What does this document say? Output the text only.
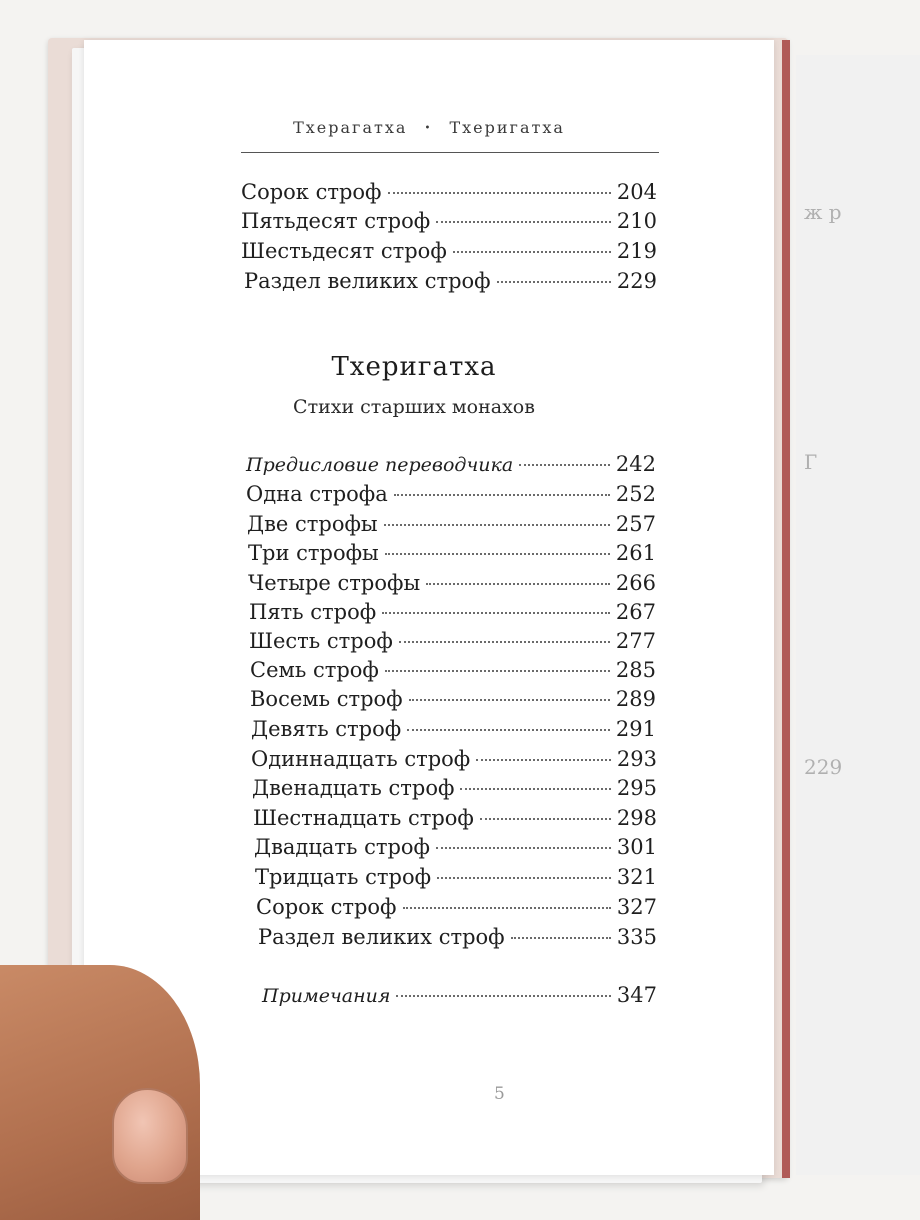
ж р
Г
229
Тхерагатха • Тхеригатха
Сорок строф	204
Пятьдесят строф	210
Шестьдесят строф	219
Раздел великих строф	229
Тхеригатха
Стихи старших монахов
Предисловие переводчика	242
Одна строфа	252
Две строфы	257
Три строфы	261
Четыре строфы	266
Пять строф	267
Шесть строф	277
Семь строф	285
Восемь строф	289
Девять строф	291
Одиннадцать строф	293
Двенадцать строф	295
Шестнадцать строф	298
Двадцать строф	301
Тридцать строф	321
Сорок строф	327
Раздел великих строф	335
Примечания	347
5
